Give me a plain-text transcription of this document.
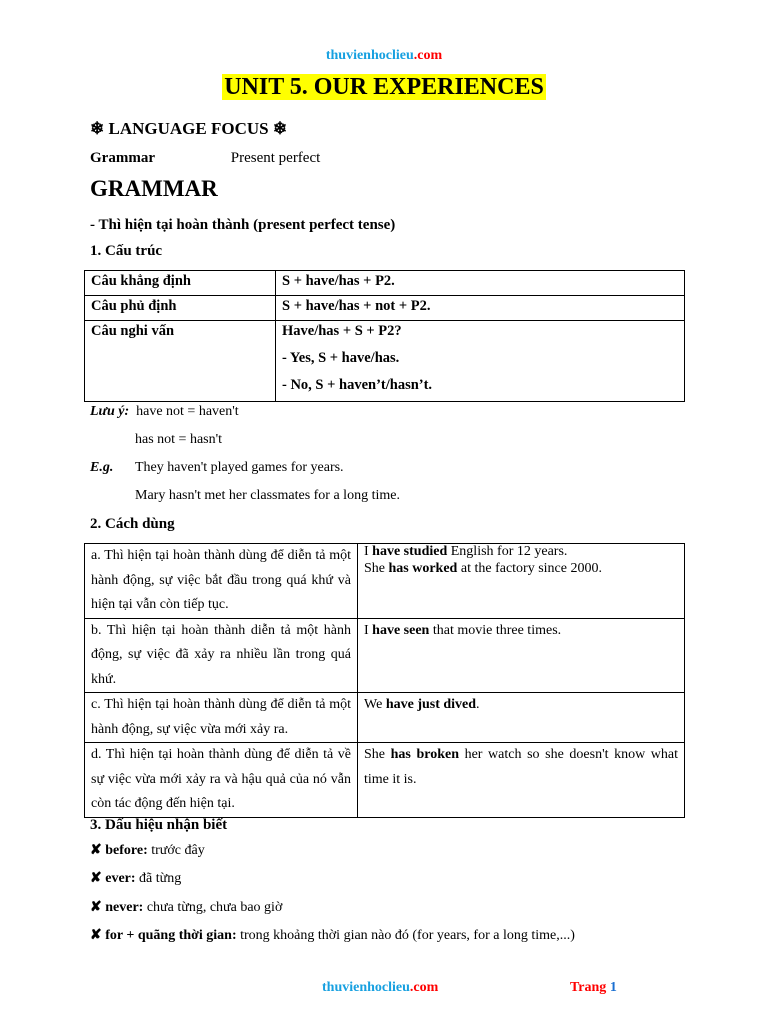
thuvienhoclieu.com
UNIT 5. OUR EXPERIENCES
❄ LANGUAGE FOCUS ❄
Grammar	Present perfect
GRAMMAR
- Thì hiện tại hoàn thành (present perfect tense)
1. Cấu trúc
Câu khẳng định	S + have/has + P2.
Câu phủ định	S + have/has + not + P2.
Câu nghi vấn	Have/has + S + P2?
- Yes, S + have/has.
- No, S + haven’t/hasn’t.
Lưu ý: have not = haven't
has not = hasn't
E.g. They haven't played games for years.
Mary hasn't met her classmates for a long time.
2. Cách dùng
a. Thì hiện tại hoàn thành dùng để diễn tả một hành động, sự việc bắt đầu trong quá khứ và hiện tại vẫn còn tiếp tục.	I have studied English for 12 years.
She has worked at the factory since 2000.

b. Thì hiện tại hoàn thành diễn tả một hành động, sự việc đã xảy ra nhiều lần trong quá khứ.	I have seen that movie three times.
c. Thì hiện tại hoàn thành dùng để diễn tả một hành động, sự việc vừa mới xảy ra.	We have just dived.
d. Thì hiện tại hoàn thành dùng để diễn tả về sự việc vừa mới xảy ra và hậu quả của nó vẫn còn tác động đến hiện tại.	She has broken her watch so she doesn't know what time it is.
3. Dấu hiệu nhận biết
✘ before: trước đây
✘ ever: đã từng
✘ never: chưa từng, chưa bao giờ
✘ for + quãng thời gian: trong khoảng thời gian nào đó (for years, for a long time,...)
thuvienhoclieu.com	Trang 1
